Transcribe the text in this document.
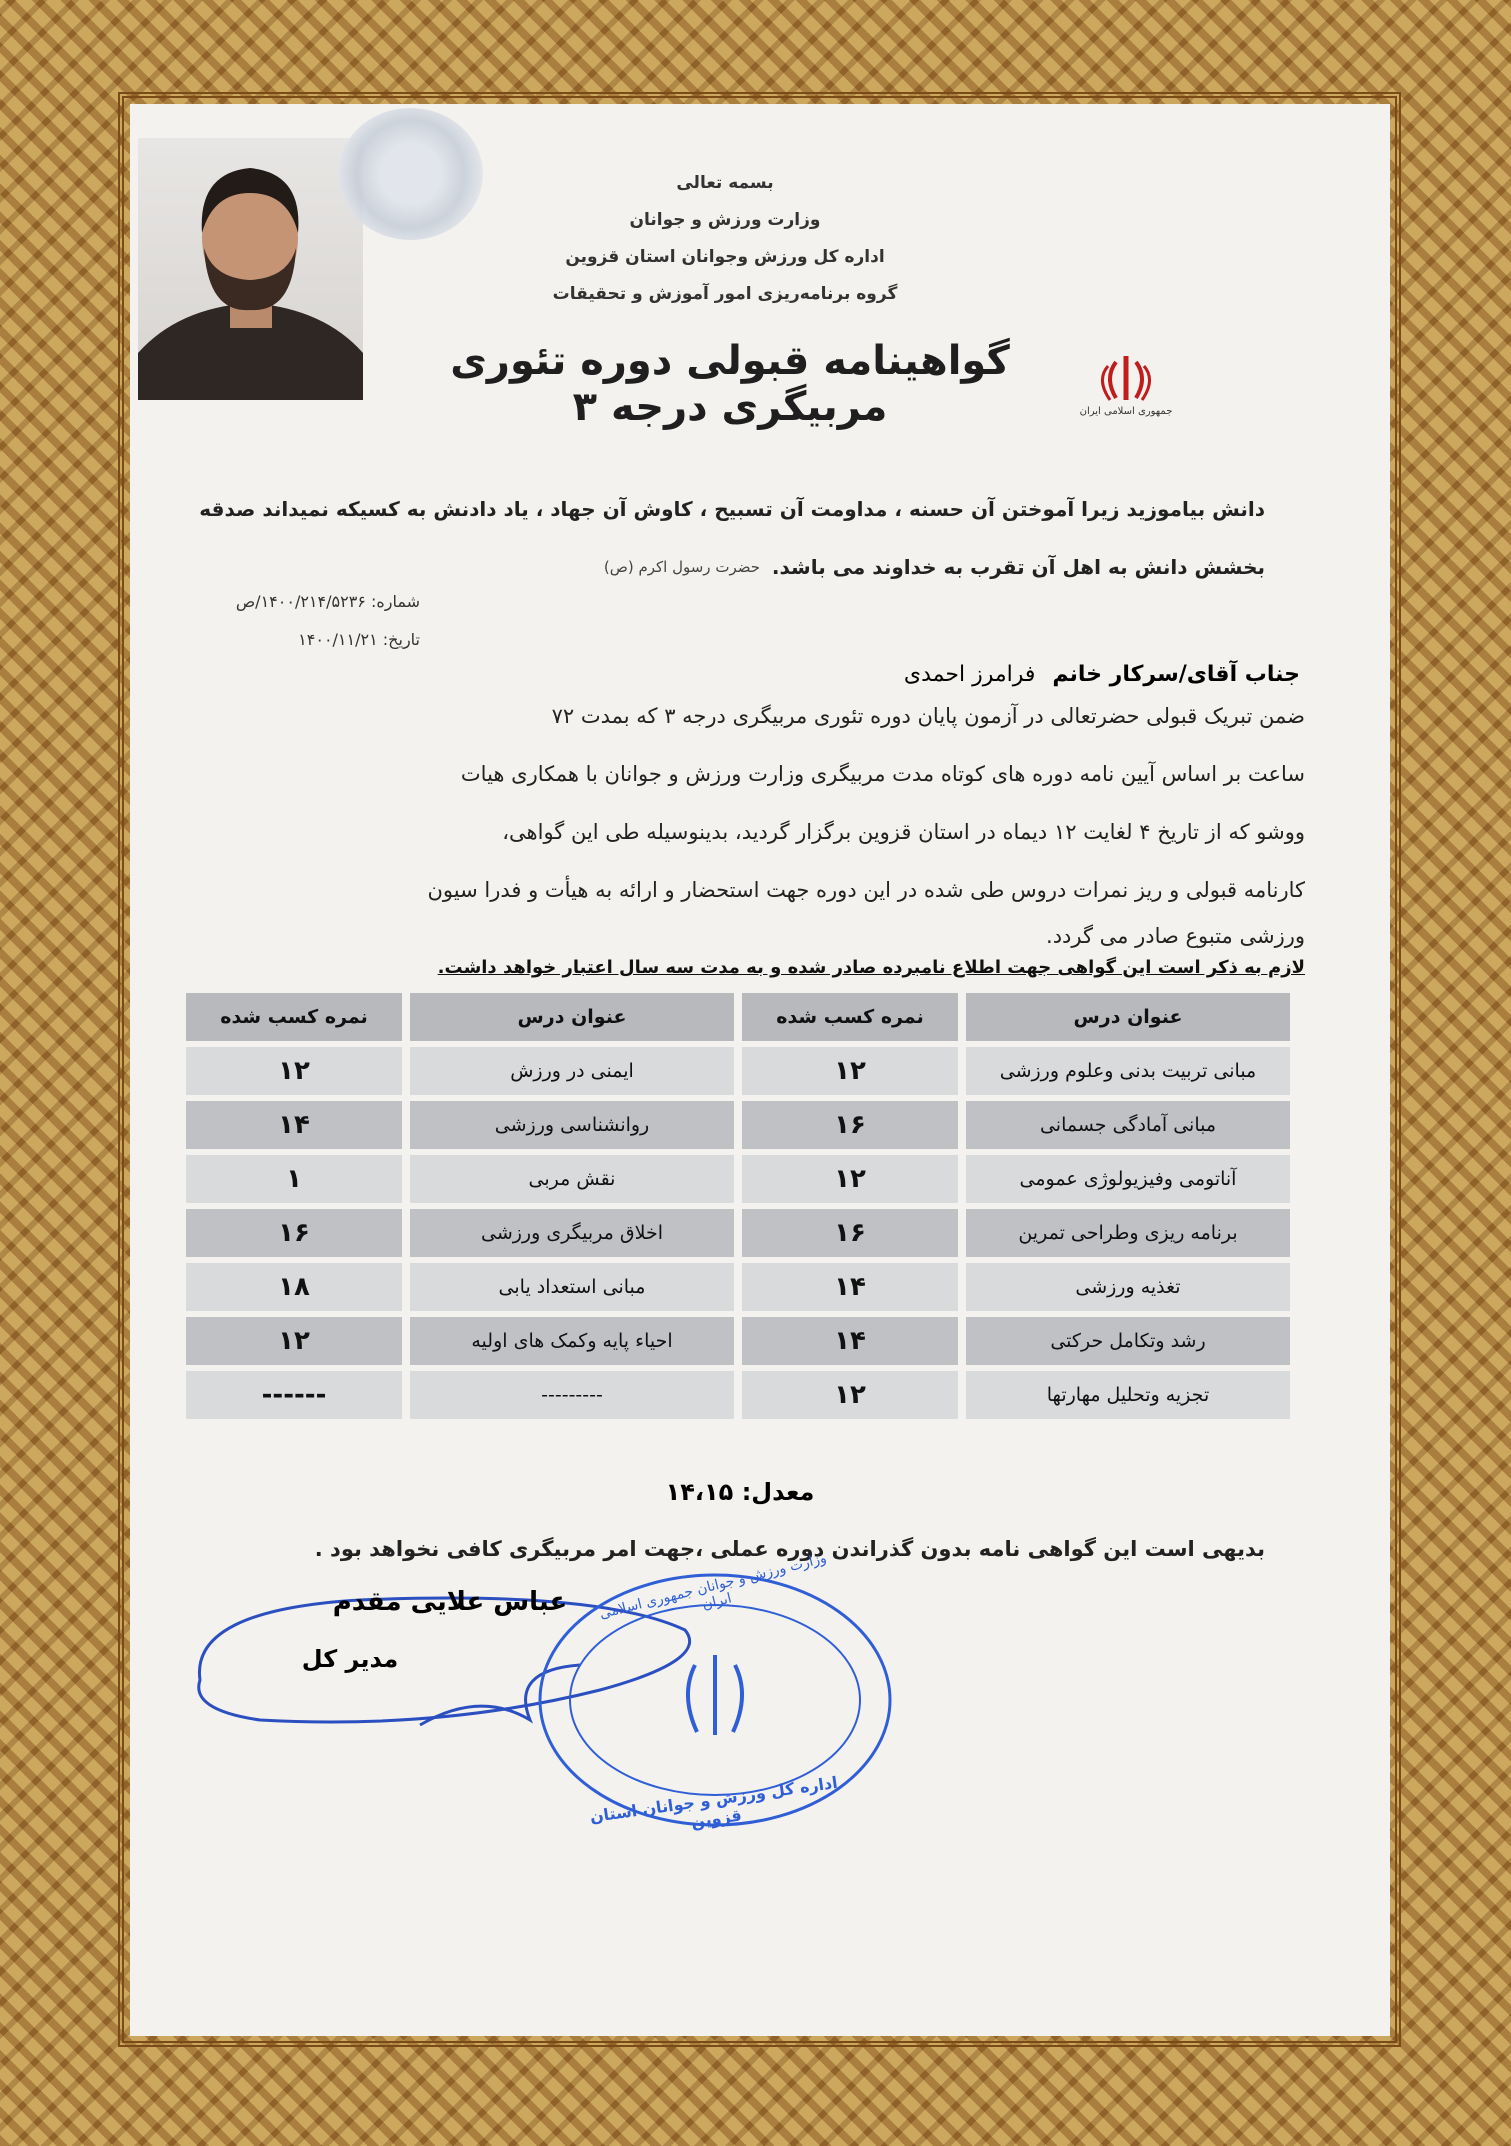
بسمه تعالی
وزارت ورزش و جوانان
اداره کل ورزش وجوانان استان قزوین
گروه برنامه‌ریزی امور آموزش و تحقیقات
گواهینامه قبولی دوره تئوری مربیگری درجه ۳	جمهوری اسلامی ایران
دانش بیاموزید زیرا آموختن آن حسنه ، مداومت آن تسبیح ، کاوش آن جهاد ، یاد دادنش به کسیکه نمیداند صدقه
بخشش دانش به اهل آن تقرب به خداوند می باشد.
حضرت رسول اکرم (ص)
شماره: ۱۴۰۰/۲۱۴/۵۲۳۶/ص
تاریخ: ۱۴۰۰/۱۱/۲۱
جناب آقای/سرکار خانم فرامرز احمدی
ضمن تبریک قبولی حضرتعالی در آزمون پایان دوره تئوری مربیگری درجه ۳ که بمدت ۷۲
ساعت بر اساس آیین نامه دوره های کوتاه مدت مربیگری وزارت ورزش و جوانان با همکاری هیات
ووشو که از تاریخ ۴ لغایت ۱۲ دیماه در استان قزوین برگزار گردید، بدینوسیله طی این گواهی،
کارنامه قبولی و ریز نمرات دروس طی شده در این دوره جهت استحضار و ارائه به هیأت و فدرا سیون
ورزشی متبوع صادر می گردد.
لازم به ذکر است این گواهی جهت اطلاع نامبرده صادر شده و به مدت سه سال اعتبار خواهد داشت.
عنوان درس	نمره کسب شده	عنوان درس	نمره کسب شده
مبانی تربیت بدنی وعلوم ورزشی	۱۲	ایمنی در ورزش	۱۲
مبانی آمادگی جسمانی	۱۶	روانشناسی ورزشی	۱۴
آناتومی وفیزیولوژی عمومی	۱۲	نقش مربی	۱
برنامه ریزی وطراحی تمرین	۱۶	اخلاق مربیگری ورزشی	۱۶
تغذیه ورزشی	۱۴	مبانی استعداد یابی	۱۸
رشد وتکامل حرکتی	۱۴	احیاء پایه وکمک های اولیه	۱۲
تجزیه وتحلیل مهارتها	۱۲	---------	------
معدل: ۱۴،۱۵
بدیهی است این گواهی نامه بدون گذراندن دوره عملی ،جهت امر مربیگری کافی نخواهد بود .
عباس علایی مقدم
مدیر کل
وزارت ورزش و جوانان جمهوری اسلامی ایران
اداره کل ورزش و جوانان استان قزوین
